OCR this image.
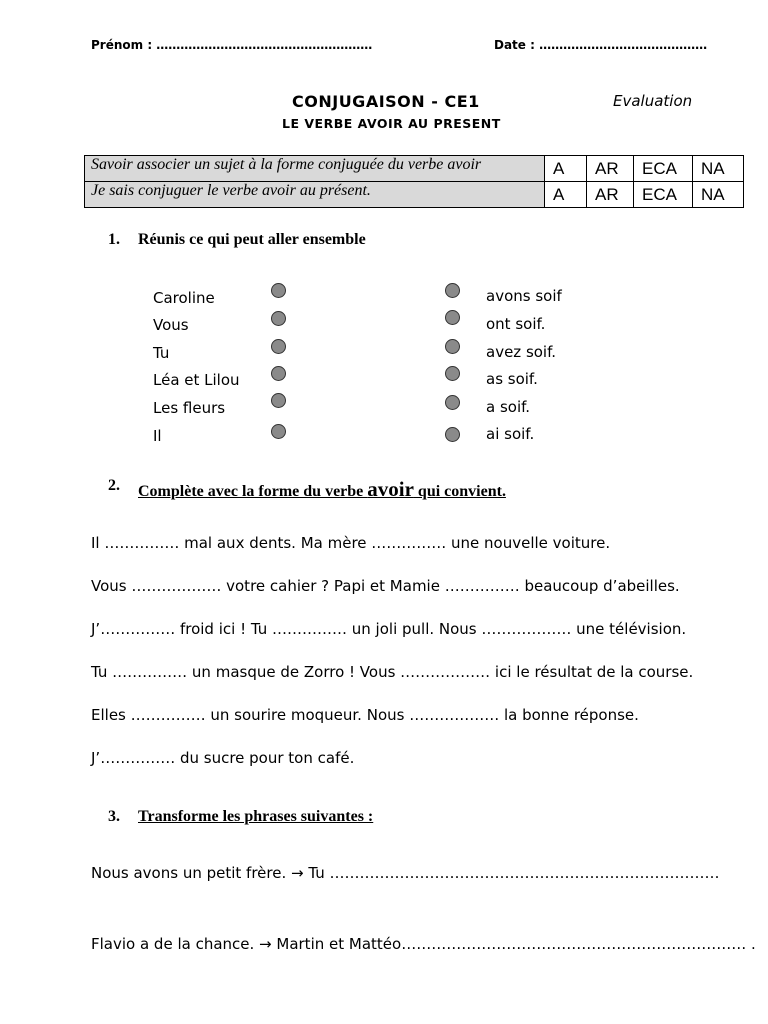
Prénom : ………………………………………………	Date : ……………………………………
CONJUGAISON - CE1	Evaluation
LE VERBE AVOIR AU PRESENT
Savoir associer un sujet à la forme conjuguée du verbe avoir	A	AR	ECA	NA
Je sais conjuguer le verbe avoir au présent.	A	AR	ECA	NA
1. Réunis ce qui peut aller ensemble
Caroline
Vous
Tu
Léa et Lilou
Les fleurs
Il
avons soif
ont soif.
avez soif.
as soif.
a soif.
ai soif.
2. Complète avec la forme du verbe avoir qui convient.
Il …………… mal aux dents. Ma mère …………… une nouvelle voiture.
Vous ……………… votre cahier ? Papi et Mamie …………… beaucoup d’abeilles.
J’…………… froid ici ! Tu …………… un joli pull. Nous ……………… une télévision.
Tu …………… un masque de Zorro ! Vous ……………… ici le résultat de la course.
Elles …………… un sourire moqueur. Nous ……………… la bonne réponse.
J’…………… du sucre pour ton café.
3. Transforme les phrases suivantes :
Nous avons un petit frère. → Tu ……………………………………………………………………
Flavio a de la chance. → Martin et Mattéo…………………………………………………………… .
